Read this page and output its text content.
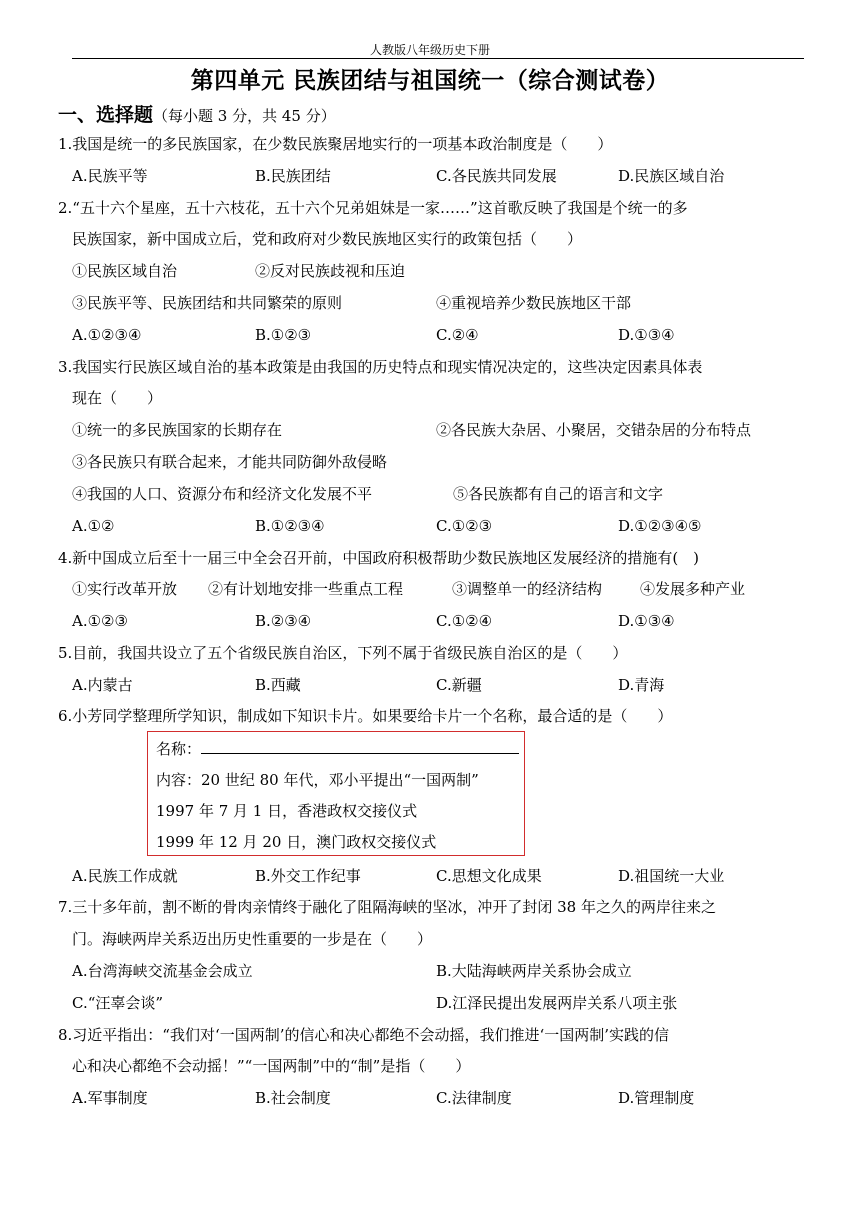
人教版八年级历史下册
第四单元 民族团结与祖国统一（综合测试卷）
一、选择题（每小题 3 分，共 45 分）
1.我国是统一的多民族国家，在少数民族聚居地实行的一项基本政治制度是（　　）
A.民族平等	B.民族团结	C.各民族共同发展	D.民族区域自治
2.“五十六个星座，五十六枝花，五十六个兄弟姐妹是一家……”这首歌反映了我国是个统一的多
民族国家，新中国成立后，党和政府对少数民族地区实行的政策包括（　　）
①民族区域自治	②反对民族歧视和压迫
③民族平等、民族团结和共同繁荣的原则	④重视培养少数民族地区干部
A.①②③④	B.①②③	C.②④	D.①③④
3.我国实行民族区域自治的基本政策是由我国的历史特点和现实情况决定的，这些决定因素具体表
现在（　　）
①统一的多民族国家的长期存在	②各民族大杂居、小聚居，交错杂居的分布特点
③各民族只有联合起来，才能共同防御外敌侵略
④我国的人口、资源分布和经济文化发展不平	⑤各民族都有自己的语言和文字
A.①②	B.①②③④	C.①②③	D.①②③④⑤
4.新中国成立后至十一届三中全会召开前，中国政府积极帮助少数民族地区发展经济的措施有(　)
①实行改革开放 ②有计划地安排一些重点工程	③调整单一的经济结构	④发展多种产业
A.①②③	B.②③④	C.①②④	D.①③④
5.目前，我国共设立了五个省级民族自治区，下列不属于省级民族自治区的是（　　）
A.内蒙古	B.西藏	C.新疆	D.青海
6.小芳同学整理所学知识，制成如下知识卡片。如果要给卡片一个名称，最合适的是（　　）
名称：
内容：20 世纪 80 年代，邓小平提出“一国两制”
1997 年 7 月 1 日，香港政权交接仪式
1999 年 12 月 20 日，澳门政权交接仪式
A.民族工作成就	B.外交工作纪事	C.思想文化成果	D.祖国统一大业
7.三十多年前，割不断的骨肉亲情终于融化了阻隔海峡的坚冰，冲开了封闭 38 年之久的两岸往来之
门。海峡两岸关系迈出历史性重要的一步是在（　　）
A.台湾海峡交流基金会成立	B.大陆海峡两岸关系协会成立
C.“汪辜会谈”	D.江泽民提出发展两岸关系八项主张
8.习近平指出：“我们对‘一国两制’的信心和决心都绝不会动摇，我们推进‘一国两制’实践的信
心和决心都绝不会动摇！”“一国两制”中的“制”是指（　　）
A.军事制度	B.社会制度	C.法律制度	D.管理制度
